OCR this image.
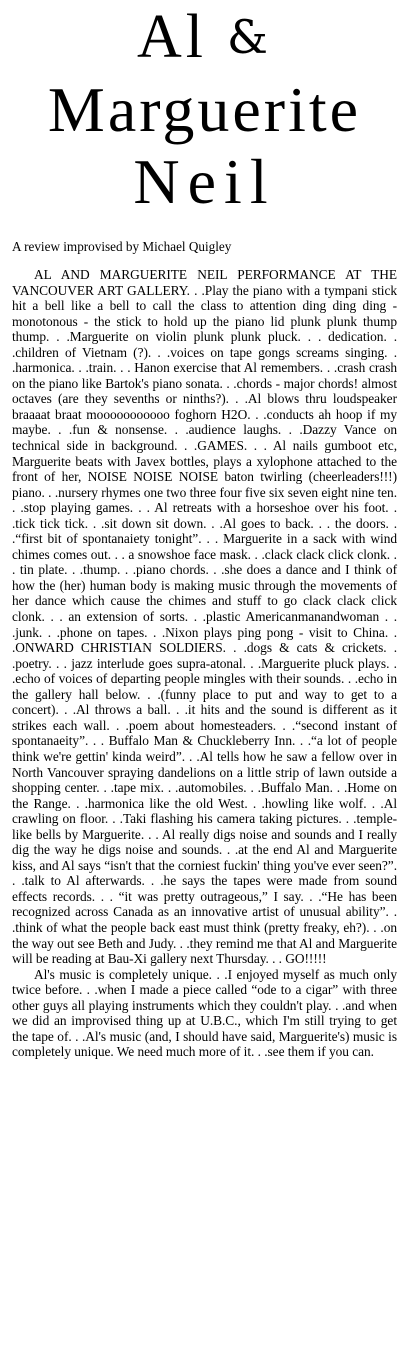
Al &
Marguerite
Neil

A review improvised by Michael Quigley

AL AND MARGUERITE NEIL PERFORMANCE AT THE VANCOUVER ART GALLERY. . .Play the piano with a tympani stick hit a bell like a bell to call the class to attention ding ding ding - monotonous - the stick to hold up the piano lid plunk plunk thump thump. . .Marguerite on violin plunk plunk pluck. . . dedication. . .children of Vietnam (?). . .voices on tape gongs screams singing. . .harmonica. . .train. . . Hanon exercise that Al remembers. . .crash crash on the piano like Bartok's piano sonata. . .chords - major chords! almost octaves (are they sevenths or ninths?). . .Al blows thru loudspeaker braaaat braat mooooooooooo foghorn H2O. . .conducts ah hoop if my maybe. . .fun & nonsense. . .audience laughs. . .Dazzy Vance on technical side in background. . .GAMES. . . Al nails gumboot etc, Marguerite beats with Javex bottles, plays a xylophone attached to the front of her, NOISE NOISE NOISE baton twirling (cheerleaders!!!) piano. . .nursery rhymes one two three four five six seven eight nine ten. . .stop playing games. . . Al retreats with a horseshoe over his foot. . .tick tick tick. . .sit down sit down. . .Al goes to back. . . the doors. . .“first bit of spontanaiety tonight”. . . Marguerite in a sack with wind chimes comes out. . . a snowshoe face mask. . .clack clack click clonk. . . tin plate. . .thump. . .piano chords. . .she does a dance and I think of how the (her) human body is making music through the movements of her dance which cause the chimes and stuff to go clack clack click clonk. . . an extension of sorts. . .plastic Americanmanandwoman . . .junk. . .phone on tapes. . .Nixon plays ping pong - visit to China. . .ONWARD CHRISTIAN SOLDIERS. . .dogs & cats & crickets. . .poetry. . . jazz interlude goes supra-atonal. . .Marguerite pluck plays. . .echo of voices of departing people mingles with their sounds. . .echo in the gallery hall below. . .(funny place to put and way to get to a concert). . .Al throws a ball. . .it hits and the sound is different as it strikes each wall. . .poem about homesteaders. . .“second instant of spontanaeity”. . . Buffalo Man & Chuckleberry Inn. . .“a lot of people think we're gettin' kinda weird”. . .Al tells how he saw a fellow over in North Vancouver spraying dandelions on a little strip of lawn outside a shopping center. . .tape mix. . .automobiles. . .Buffalo Man. . .Home on the Range. . .harmonica like the old West. . .howling like wolf. . .Al crawling on floor. . .Taki flashing his camera taking pictures. . .temple-like bells by Marguerite. . . Al really digs noise and sounds and I really dig the way he digs noise and sounds. . .at the end Al and Marguerite kiss, and Al says “isn't that the corniest fuckin' thing you've ever seen?”. . .talk to Al afterwards. . .he says the tapes were made from sound effects records. . . “it was pretty outrageous,” I say. . .“He has been recognized across Canada as an innovative artist of unusual ability”. . .think of what the people back east must think (pretty freaky, eh?). . .on the way out see Beth and Judy. . .they remind me that Al and Marguerite will be reading at Bau-Xi gallery next Thursday. . . GO!!!!!

Al's music is completely unique. . .I enjoyed myself as much only twice before. . .when I made a piece called “ode to a cigar” with three other guys all playing instruments which they couldn't play. . .and when we did an improvised thing up at U.B.C., which I'm still trying to get the tape of. . .Al's music (and, I should have said, Marguerite's) music is completely unique. We need much more of it. . .see them if you can.
